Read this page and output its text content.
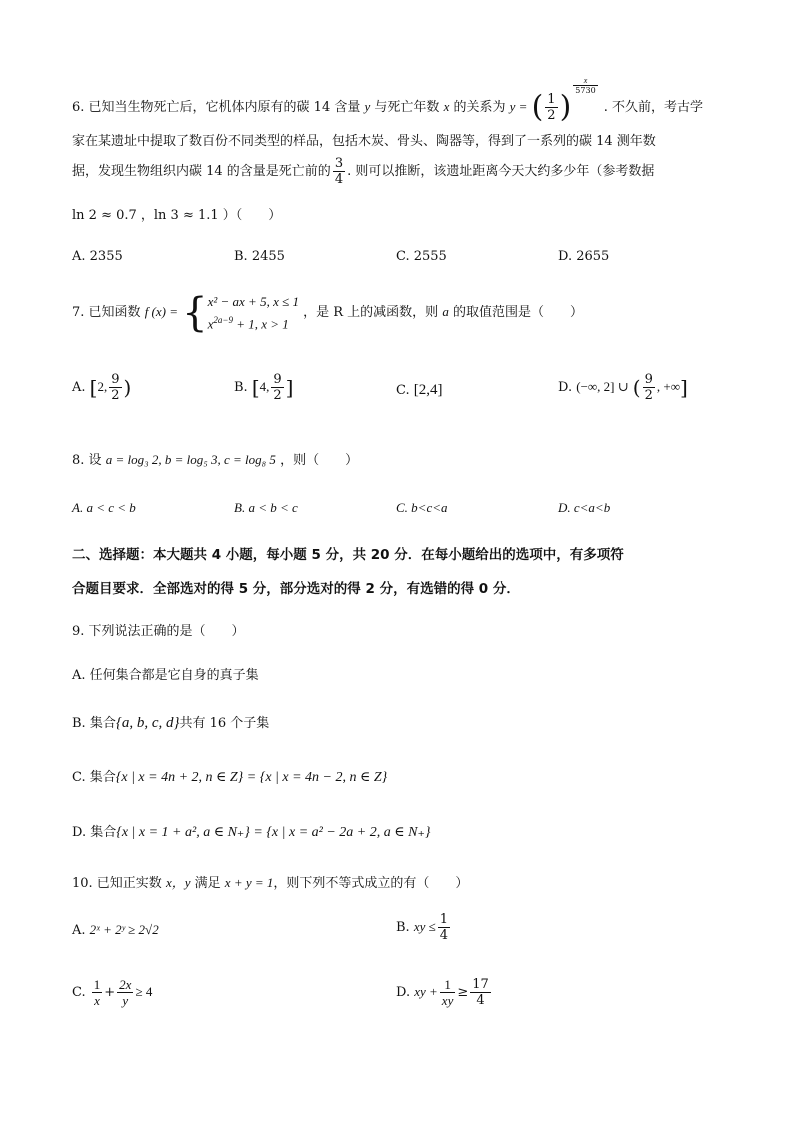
6. 已知当生物死亡后，它机体内原有的碳 14 含量 y 与死亡年数 x 的关系为 y = ( $\frac{1}{2}$ )
$\frac{x}{5730}$
. 不久前，考古学
家在某遗址中提取了数百份不同类型的样品，包括木炭、骨头、陶器等，得到了一系列的碳 14 测年数
据，发现生物组织内碳 14 的含量是死亡前的 $\frac{3}{4}$ . 则可以推断，该遗址距离今天大约多少年（参考数据
ln 2 ≈ 0.7 ，ln 3 ≈ 1.1 ）（　　）
A. 2355	B. 2455	C. 2555	D. 2655
7. 已知函数 f (x) = { x² − ax + 5, x ≤ 1
$x^{2a-9} + 1$, x > 1
，是 R 上的减函数，则 a 的取值范围是（　　）
A. [2, $\frac{9}{2}$ )	B. [4, $\frac{9}{2}$ ]	C. [2,4]	D. (−∞, 2] ∪ ( $\frac{9}{2}$ , +∞]
8. 设 a = log₃ 2, b = log₅ 3, c = log₈ 5 ，则（　　）
A. a < c < b	B. a < b < c	C. b<c<a	D. c<a<b
二、选择题：本大题共 4 小题，每小题 5 分，共 20 分．在每小题给出的选项中，有多项符
合题目要求．全部选对的得 5 分，部分选对的得 2 分，有选错的得 0 分．
9. 下列说法正确的是（　　）
A. 任何集合都是它自身的真子集
B. 集合{a, b, c, d}共有 16 个子集
C. 集合{x | x = 4n + 2, n ∈ Z} = {x | x = 4n − 2, n ∈ Z}
D. 集合{x | x = 1 + a², a ∈ N₊} = {x | x = a² − 2a + 2, a ∈ N₊}
10. 已知正实数 x，y 满足 x + y = 1，则下列不等式成立的有（　　）
A. 2ˣ + 2ʸ ≥ 2√2	B. xy ≤ $\frac{1}{4}$
C. $\frac{1}{x} + \frac{2x}{y} \ge 4$	D. xy + $\frac{1}{xy} \ge \frac{17}{4}$
